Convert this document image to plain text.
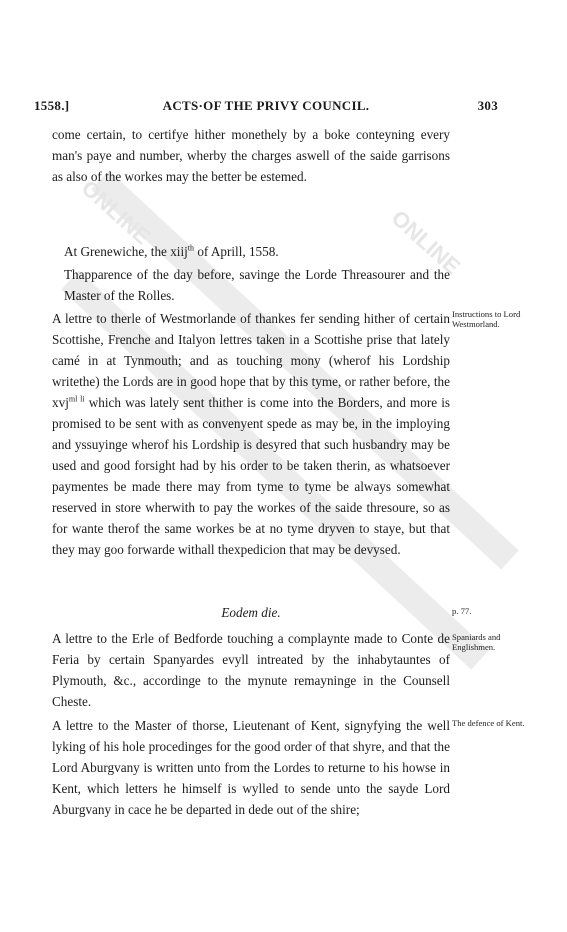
ONLINE
ONLINE
1558.]	ACTS·OF THE PRIVY COUNCIL.	303

come certain, to certifye hither monethely by a boke conteyning every man's paye and number, wherby the charges aswell of the saide garrisons as also of the workes may the better be estemed.

At Grenewiche, the xiij$^{th}$ of Aprill, 1558.

Thapparence of the day before, savinge the Lorde Threasourer and the Master of the Rolles.

A lettre to therle of Westmorlande of thankes fer sending hither of certain Scottishe, Frenche and Italyon lettres taken in a Scottishe prise that lately camé in at Tynmouth; and as touching mony (wherof his Lordship writethe) the Lords are in good hope that by this tyme, or rather before, the xvj$^{ml li}$ which was lately sent thither is come into the Borders, and more is promised to be sent with as convenyent spede as may be, in the imploying and yssuyinge wherof his Lordship is desyred that such husbandry may be used and good forsight had by his order to be taken therin, as whatsoever paymentes be made there may from tyme to tyme be always somewhat reserved in store wherwith to pay the workes of the saide thresoure, so as for wante therof the same workes be at no tyme dryven to staye, but that they may goo forwarde withall thexpedicion that may be devysed.

Eodem die.

A lettre to the Erle of Bedforde touching a complayntе made to Conte de Feria by certain Spanyardes evyll intreated by the inhabytauntes of Plymouth, &c., accordinge to the mynute remayninge in the Counsell Cheste.

A lettre to the Master of thorse, Lieutenant of Kent, signyfying the well lyking of his hole procedinges for the good order of that shyre, and that the Lord Aburgvany is written unto from the Lordes to returne to his howse in Kent, which letters he himself is wylled to sende unto the sayde Lord Aburgvany in cace he be departed in dede out of the shire;

Instructions to Lord Westmorland.
p. 77.
Spaniards and Englishmen.
The defence of Kent.
